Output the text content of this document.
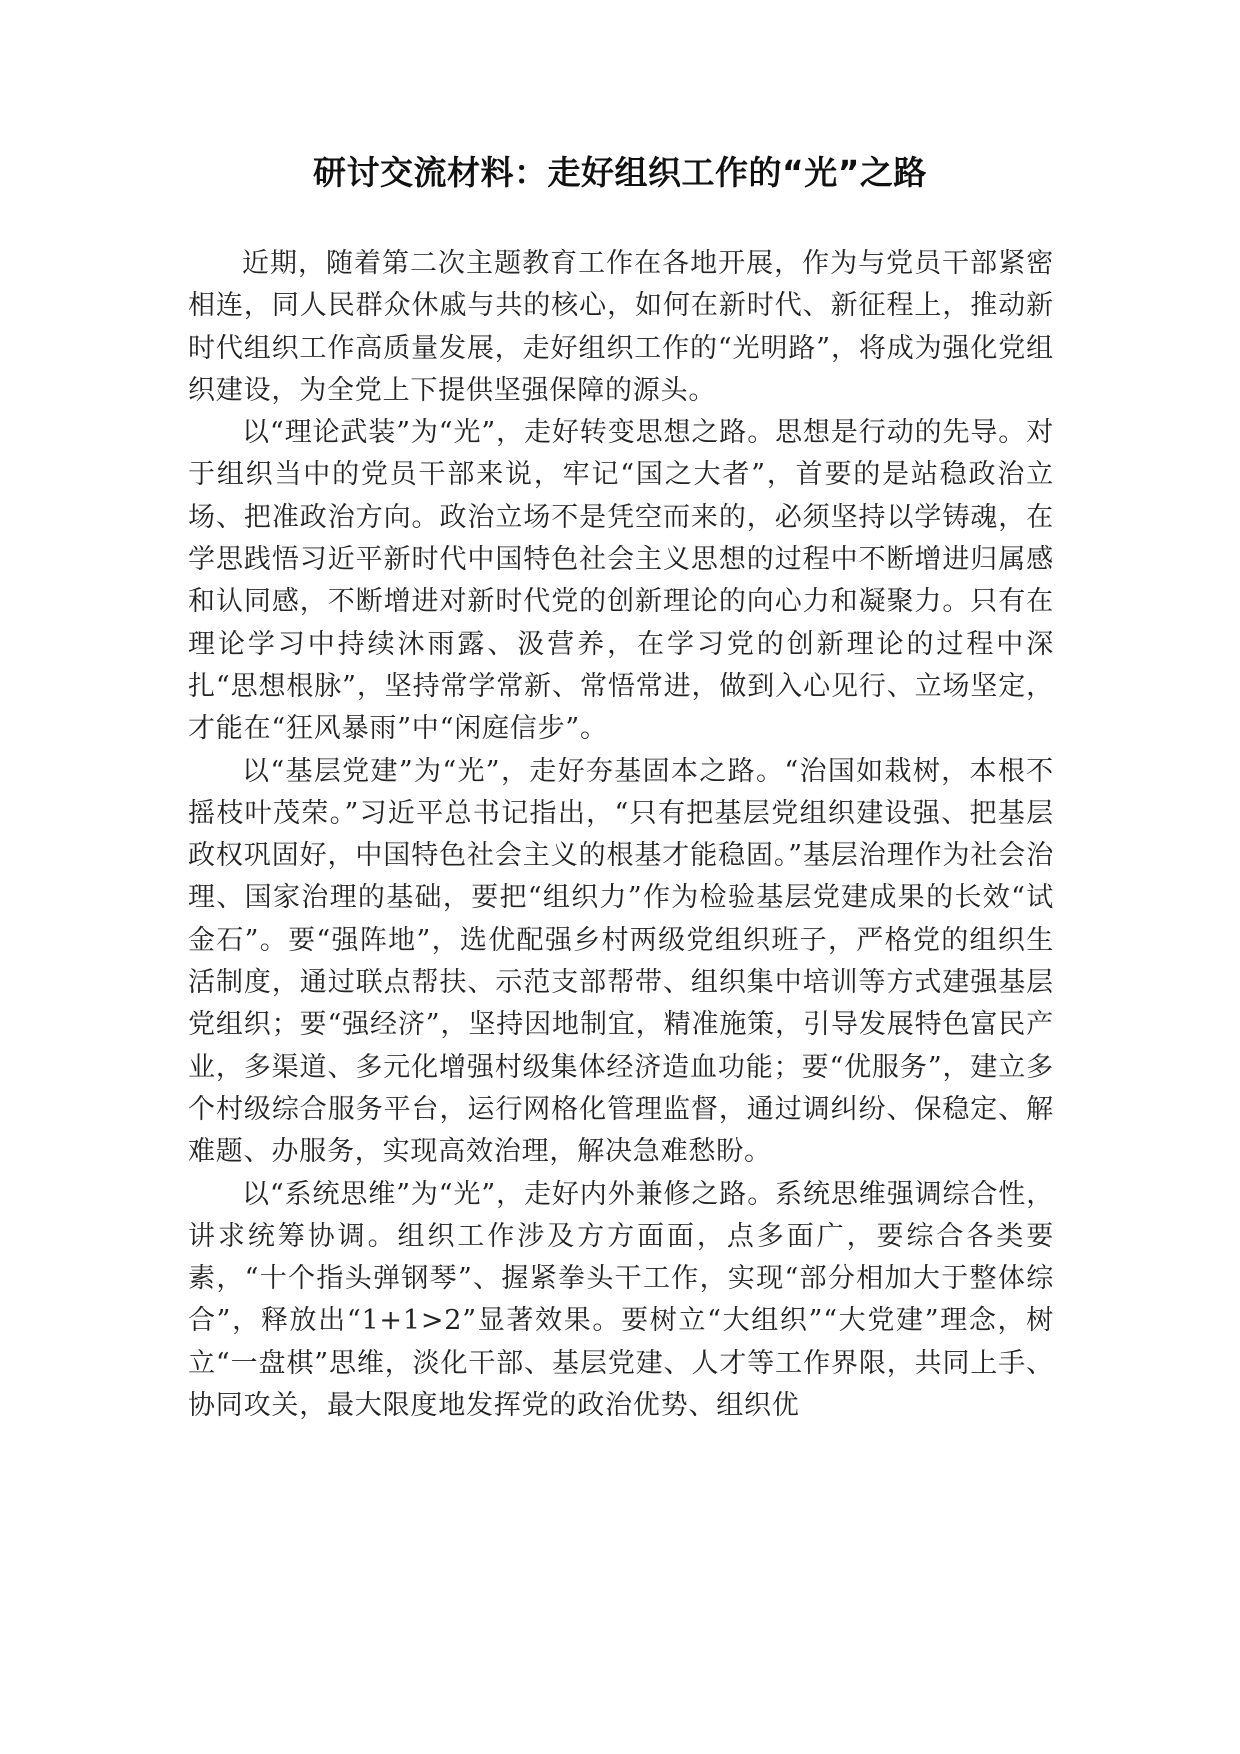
研讨交流材料：走好组织工作的“光”之路

近期，随着第二次主题教育工作在各地开展，作为与党员干部紧密相连，同人民群众休戚与共的核心，如何在新时代、新征程上，推动新时代组织工作高质量发展，走好组织工作的“光明路”，将成为强化党组织建设，为全党上下提供坚强保障的源头。

以“理论武装”为“光”，走好转变思想之路。思想是行动的先导。对于组织当中的党员干部来说，牢记“国之大者”，首要的是站稳政治立场、把准政治方向。政治立场不是凭空而来的，必须坚持以学铸魂，在学思践悟习近平新时代中国特色社会主义思想的过程中不断增进归属感和认同感，不断增进对新时代党的创新理论的向心力和凝聚力。只有在理论学习中持续沐雨露、汲营养，在学习党的创新理论的过程中深扎“思想根脉”，坚持常学常新、常悟常进，做到入心见行、立场坚定，才能在“狂风暴雨”中“闲庭信步”。

以“基层党建”为“光”，走好夯基固本之路。“治国如栽树，本根不摇枝叶茂荣。”习近平总书记指出，“只有把基层党组织建设强、把基层政权巩固好，中国特色社会主义的根基才能稳固。”基层治理作为社会治理、国家治理的基础，要把“组织力”作为检验基层党建成果的长效“试金石”。要“强阵地”，选优配强乡村两级党组织班子，严格党的组织生活制度，通过联点帮扶、示范支部帮带、组织集中培训等方式建强基层党组织；要“强经济”，坚持因地制宜，精准施策，引导发展特色富民产业，多渠道、多元化增强村级集体经济造血功能；要“优服务”，建立多个村级综合服务平台，运行网格化管理监督，通过调纠纷、保稳定、解难题、办服务，实现高效治理，解决急难愁盼。

以“系统思维”为“光”，走好内外兼修之路。系统思维强调综合性，讲求统筹协调。组织工作涉及方方面面，点多面广，要综合各类要素，“十个指头弹钢琴”、握紧拳头干工作，实现“部分相加大于整体综合”，释放出“1+1>2”显著效果。要树立“大组织”“大党建”理念，树立“一盘棋”思维，淡化干部、基层党建、人才等工作界限，共同上手、协同攻关，最大限度地发挥党的政治优势、组织优
